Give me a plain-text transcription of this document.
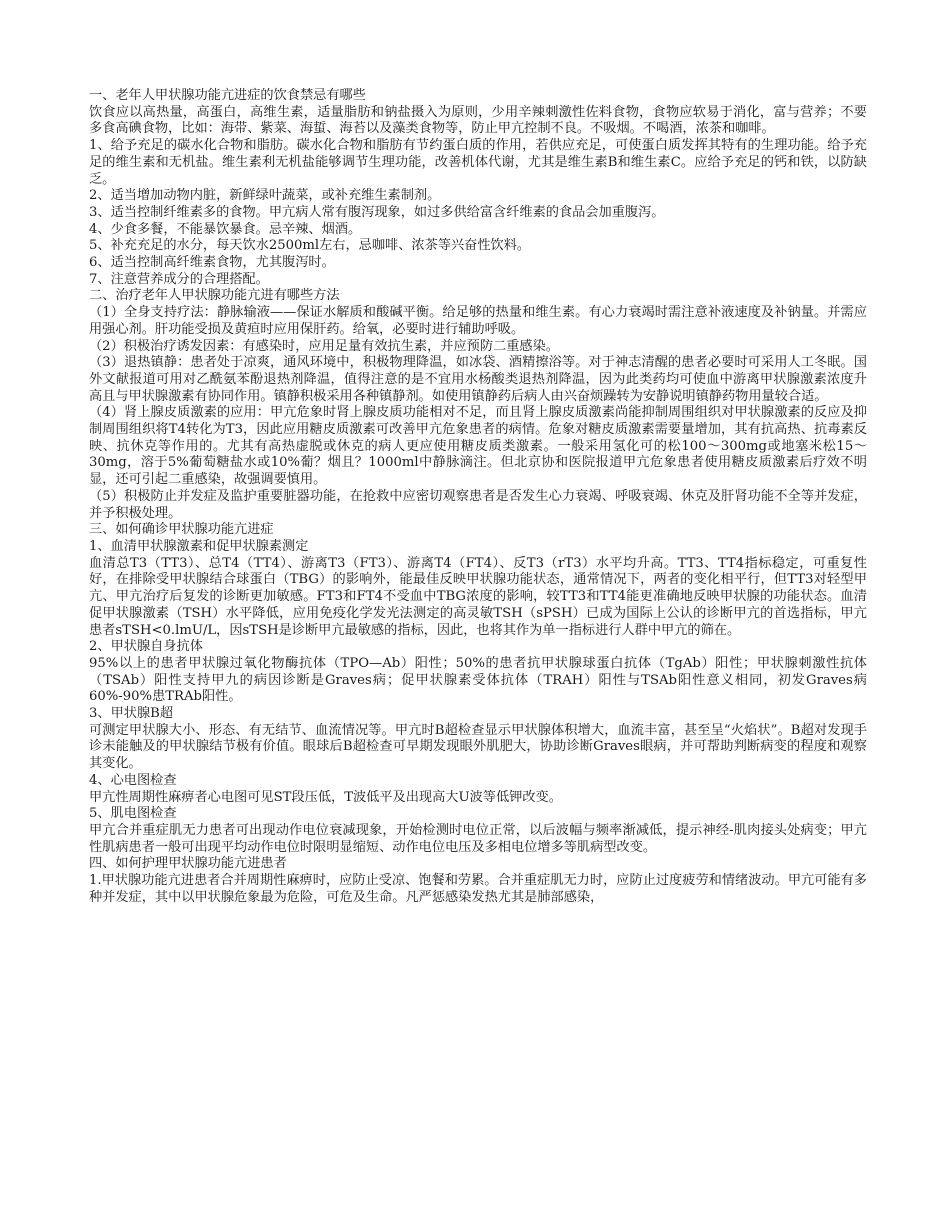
一、老年人甲状腺功能亢进症的饮食禁忌有哪些

饮食应以高热量，高蛋白，高维生素，适量脂肪和钠盐摄入为原则，少用辛辣刺激性佐料食物，食物应软易于消化，富与营养；不要多食高碘食物，比如：海带、紫菜、海蜇、海苔以及藻类食物等，防止甲亢控制不良。不吸烟。不喝酒，浓茶和咖啡。

1、给予充足的碳水化合物和脂肪。碳水化合物和脂肪有节约蛋白质的作用，若供应充足，可使蛋白质发挥其特有的生理功能。给予充足的维生素和无机盐。维生素利无机盐能够调节生理功能，改善机体代谢，尤其是维生素B和维生素C。应给予充足的钙和铁，以防缺乏。

2、适当增加动物内脏，新鲜绿叶蔬菜，或补充维生素制剂。

3、适当控制纤维素多的食物。甲亢病人常有腹泻现象，如过多供给富含纤维素的食品会加重腹泻。

4、少食多餐，不能暴饮暴食。忌辛辣、烟酒。

5、补充充足的水分，每天饮水2500ml左右，忌咖啡、浓茶等兴奋性饮料。

6、适当控制高纤维素食物，尤其腹泻时。

7、注意营养成分的合理搭配。

二、治疗老年人甲状腺功能亢进有哪些方法

（1）全身支持疗法：静脉输液——保证水解质和酸碱平衡。给足够的热量和维生素。有心力衰竭时需注意补液速度及补钠量。并需应用强心剂。肝功能受损及黄疸时应用保肝药。给氧，必要时进行辅助呼吸。

（2）积极治疗诱发因素：有感染时，应用足量有效抗生素，并应预防二重感染。

（3）退热镇静：患者处于凉爽，通风环境中，积极物理降温，如冰袋、酒精擦浴等。对于神志清醒的患者必要时可采用人工冬眠。国外文献报道可用对乙酰氨苯酚退热剂降温，值得注意的是不宜用水杨酸类退热剂降温，因为此类药均可使血中游离甲状腺激素浓度升高且与甲状腺激素有协同作用。镇静积极采用各种镇静剂。如使用镇静药后病人由兴奋烦躁转为安静说明镇静药物用量较合适。

（4）肾上腺皮质激素的应用：甲亢危象时肾上腺皮质功能相对不足，而且肾上腺皮质激素尚能抑制周围组织对甲状腺激素的反应及抑制周围组织将T4转化为T3，因此应用糖皮质激素可改善甲亢危象患者的病情。危象对糖皮质激素需要量增加，其有抗高热、抗毒素反映、抗休克等作用的。尤其有高热虚脱或休克的病人更应使用糖皮质类激素。一般采用氢化可的松100～300mg或地塞米松15～30mg，溶于5%葡萄糖盐水或10%葡？烟且？1000ml中静脉滴注。但北京协和医院报道甲亢危象患者使用糖皮质激素后疗效不明显，还可引起二重感染，故强调要慎用。

（5）积极防止并发症及监护重要脏器功能，在抢救中应密切观察患者是否发生心力衰竭、呼吸衰竭、休克及肝肾功能不全等并发症，并予积极处理。

三、如何确诊甲状腺功能亢进症

1、血清甲状腺激素和促甲状腺素测定

血清总T3（TT3）、总T4（TT4）、游离T3（FT3）、游离T4（FT4）、反T3（rT3）水平均升高。TT3、TT4指标稳定，可重复性好，在排除受甲状腺结合球蛋白（TBG）的影响外，能最佳反映甲状腺功能状态，通常情况下，两者的变化相平行，但TT3对轻型甲亢、甲亢治疗后复发的诊断更加敏感。FT3和FT4不受血中TBG浓度的影响，较TT3和TT4能更准确地反映甲状腺的功能状态。血清促甲状腺激素（TSH）水平降低，应用免疫化学发光法测定的高灵敏TSH（sPSH）已成为国际上公认的诊断甲亢的首选指标，甲亢患者sTSH<0.lmU/L，因sTSH是诊断甲亢最敏感的指标，因此，也将其作为单一指标进行人群中甲亢的筛在。

2、甲状腺自身抗体

95%以上的患者甲状腺过氧化物酶抗体（TPO—Ab）阳性；50%的患者抗甲状腺球蛋白抗体（TgAb）阳性；甲状腺刺激性抗体（TSAb）阳性支持甲九的病因诊断是Graves病；促甲状腺素受体抗体（TRAH）阳性与TSAb阳性意义相同，初发Graves病60%-90%患TRAb阳性。

3、甲状腺B超

可测定甲状腺大小、形态、有无结节、血流情况等。甲亢时B超检查显示甲状腺体积增大，血流丰富，甚至呈“火焰状”。B超对发现手诊未能触及的甲状腺结节极有价值。眼球后B超检查可早期发现眼外肌肥大，协助诊断Graves眼病，并可帮助判断病变的程度和观察其变化。

4、心电图检查

甲亢性周期性麻痹者心电图可见ST段压低，T波低平及出现高大U波等低钾改变。

5、肌电图检查

甲亢合并重症肌无力患者可出现动作电位衰减现象，开始检测时电位正常，以后波幅与频率渐减低，提示神经-肌肉接头处病变；甲亢性肌病患者一般可出现平均动作电位时限明显缩短、动作电位电压及多相电位增多等肌病型改变。

四、如何护理甲状腺功能亢进患者

1.甲状腺功能亢进患者合并周期性麻痹时，应防止受凉、饱餐和劳累。合并重症肌无力时，应防止过度疲劳和情绪波动。甲亢可能有多种并发症，其中以甲状腺危象最为危险，可危及生命。凡严惩感染发热尤其是肺部感染，
